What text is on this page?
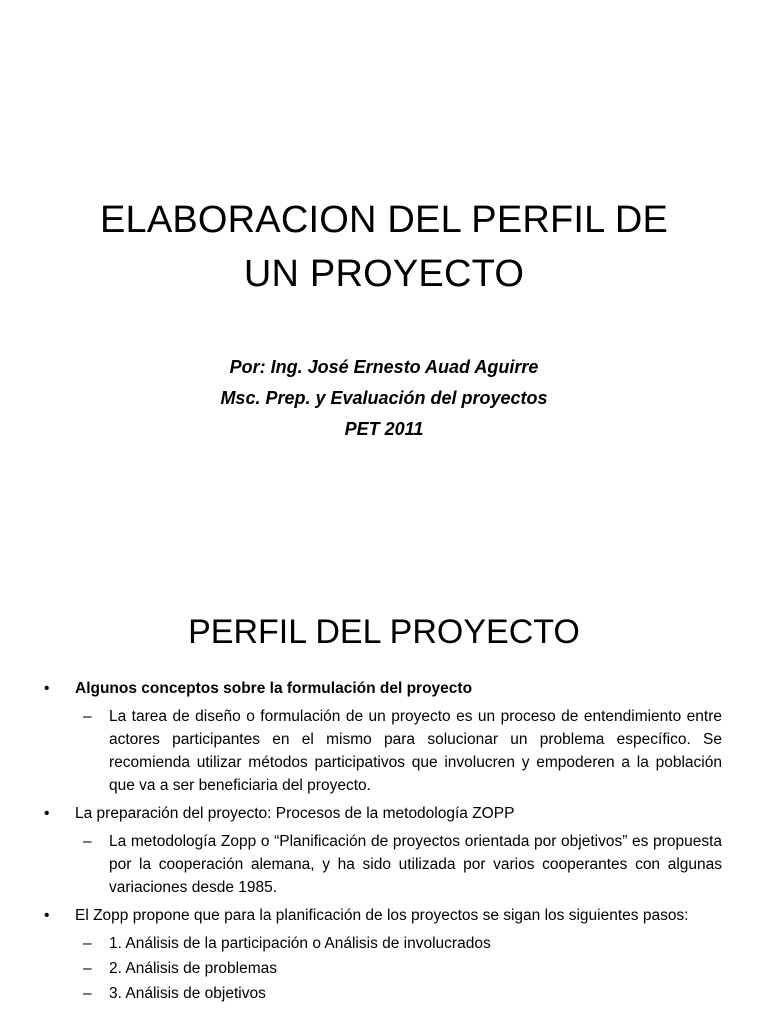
ELABORACION DEL PERFIL DE
UN PROYECTO
Por: Ing. José Ernesto Auad Aguirre
Msc. Prep. y Evaluación del proyectos
PET 2011
PERFIL DEL PROYECTO
• Algunos conceptos sobre la formulación del proyecto
– La tarea de diseño o formulación de un proyecto es un proceso de entendimiento entre actores participantes en el mismo para solucionar un problema específico. Se recomienda utilizar métodos participativos que involucren y empoderen a la población que va a ser beneficiaria del proyecto.
• La preparación del proyecto: Procesos de la metodología ZOPP
– La metodología Zopp o “Planificación de proyectos orientada por objetivos” es propuesta por la cooperación alemana, y ha sido utilizada por varios cooperantes con algunas variaciones desde 1985.
• El Zopp propone que para la planificación de los proyectos se sigan los siguientes pasos:
– 1. Análisis de la participación o Análisis de involucrados
– 2. Análisis de problemas
– 3. Análisis de objetivos
